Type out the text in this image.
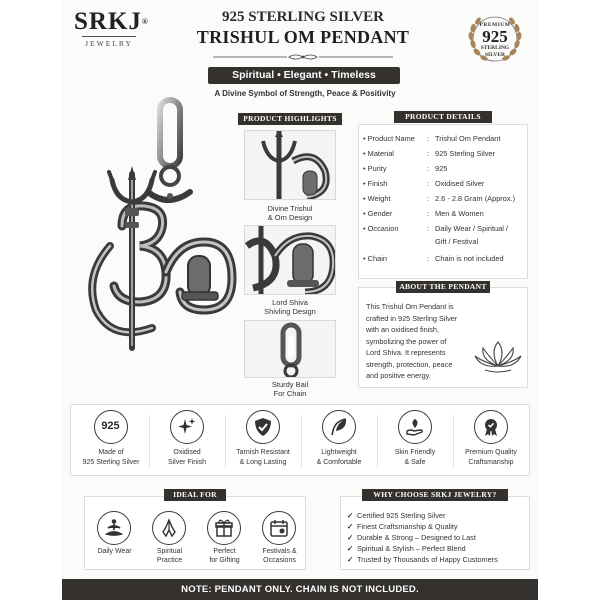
SRKJ®
JEWELRY
925 STERLING SILVER
TRISHUL OM PENDANT
PREMIUM
925
STERLING
SILVER
Spiritual • Elegant • Timeless
A Divine Symbol of Strength, Peace & Positivity
PRODUCT HIGHLIGHTS
Divine Trishul
& Om Design
Lord Shiva
Shivling Design
Sturdy Bail
For Chain
PRODUCT DETAILS
• Product Name	: Trishul Om Pendant
• Material	: 925 Sterling Silver
• Purity	: 925
• Finish	: Oxidised Silver
• Weight	: 2.6 - 2.8 Gram (Approx.)
• Gender	: Men & Women
• Occasion	: Daily Wear / Spiritual /
Gift / Festival
• Chain	: Chain is not included
This Trishul Om Pendant is
crafted in 925 Sterling Silver
with an oxidised finish,
symbolizing the power of
Lord Shiva. It represents
strength, protection, peace
and positive energy.
ABOUT THE PENDANT
925
Made of
925 Sterling Silver
Oxidised
Silver Finish
Tarnish Resistant
& Long Lasting
Lightweight
& Comfortable
Skin Friendly
& Safe
Premium Quality
Craftsmanship
Daily Wear	Spiritual
Practice
Perfect
for Gifting
Festivals &
Occasions
IDEAL FOR
✓ Certified 925 Sterling Silver
✓ Finest Craftsmanship & Quality
✓ Durable & Strong – Designed to Last
✓ Spiritual & Stylish – Perfect Blend
✓ Trusted by Thousands of Happy Customers
WHY CHOOSE SRKJ JEWELRY?
NOTE: PENDANT ONLY. CHAIN IS NOT INCLUDED.
